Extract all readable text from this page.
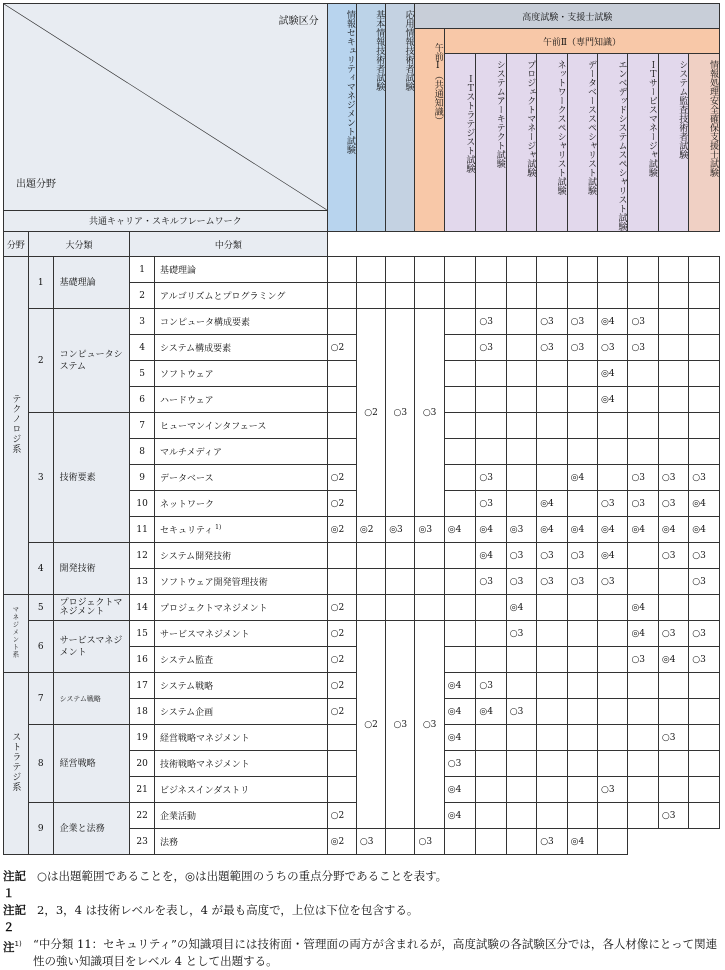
試験区分
出題分野					情報セキュリティマネジメント試験	基本情報技術者試験	応用情報技術者試験	高度試験・支援士試験									
								午前Ⅰ（共通知識）	午前Ⅱ（専門知識）								
									ＩＴストラテジスト試験	システムアーキテクト試験	プロジェクトマネージャ試験	ネットワークスペシャリスト試験	データベーススペシャリスト試験	エンベデッドシステムスペシャリスト試験	ＩＴサービスマネージャ試験	システム監査技術者試験	情報処理安全確保支援士試験
共通キャリア・スキルフレームワーク																	
分野	大分類		中分類														
テクノロジ系	1	基礎理論	1	基礎理論													
			2	アルゴリズムとプログラミング													
	2	コンピュータシステム	3	コンピュータ構成要素		○2	○3	○3		○3		○3	○3	◎4	○3		
			4	システム構成要素	○2					○3		○3	○3	○3	○3		
			5	ソフトウェア										◎4			
			6	ハードウェア										◎4			
	3	技術要素	7	ヒューマンインタフェース													
			8	マルチメディア													
			9	データベース	○2					○3			◎4		○3	○3	○3
			10	ネットワーク	○2					○3		◎4		○3	○3	○3	◎4
			11	セキュリティ $^{1)}$	◎2	◎2	◎3	◎3	◎4	◎4	◎3	◎4	◎4	◎4	◎4	◎4	◎4
	4	開発技術	12	システム開発技術						◎4	○3	○3	○3	◎4		○3	○3
			13	ソフトウェア開発管理技術						○3	○3	○3	○3	○3			○3
マネジメント系	5	プロジェクトマネジメント	14	プロジェクトマネジメント	○2						◎4				◎4		
	6	サービスマネジメント	15	サービスマネジメント	○2	○2	○3	○3			○3				◎4	○3	○3
			16	システム監査	○2										○3	◎4	○3
ストラテジ系	7	システム戦略	17	システム戦略	○2				◎4	○3							
			18	システム企画	○2				◎4	◎4	○3						
	8	経営戦略	19	経営戦略マネジメント					◎4							○3	
			20	技術戦略マネジメント					○3								
			21	ビジネスインダストリ					◎4					○3			
	9	企業と法務	22	企業活動	○2				◎4							○3	
			23	法務	◎2	○3		○3				○3	◎4				
注記１
○は出題範囲であることを，◎は出題範囲のうちの重点分野であることを表す。
注記２
2，3，4 は技術レベルを表し，4 が最も高度で，上位は下位を包含する。
注$^{1)}$ “中分類 11：セキュリティ”の知識項目には技術面・管理面の両方が含まれるが，高度試験の各試験区分では，各人材像にとって関連性の強い知識項目をレベル 4 として出題する。
